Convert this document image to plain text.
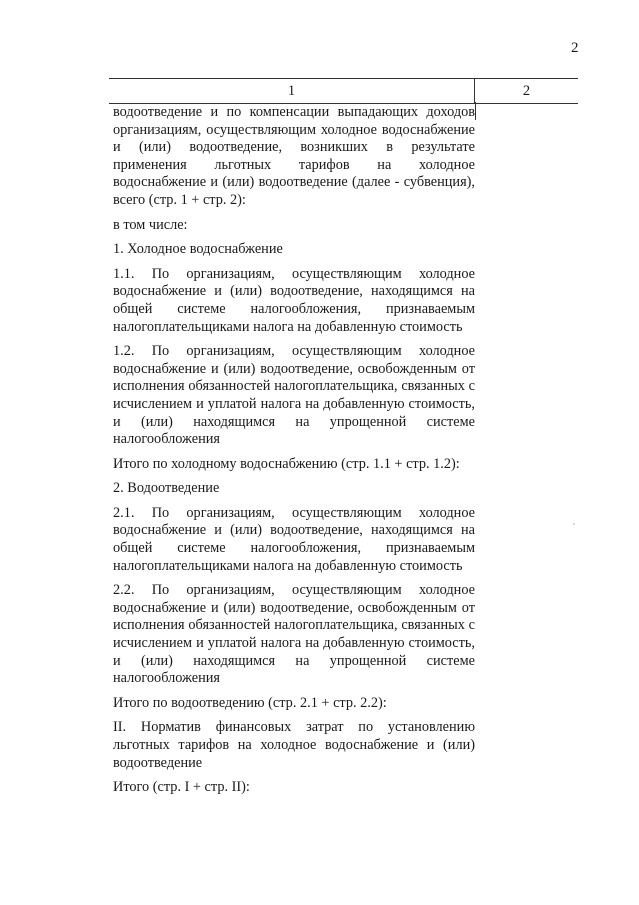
2
1	2

водоотведение и по компенсации выпадающих доходов организациям, осуществляющим холодное водоснабжение и (или) водоотведение, возникших в результате применения льготных тарифов на холодное водоснабжение и (или) водоотведение (далее - субвенция), всего (стр. 1 + стр. 2):

в том числе:

1. Холодное водоснабжение

1.1. По организациям, осуществляющим холодное водоснабжение и (или) водоотведение, находящимся на общей системе налогообложения, признаваемым налогоплательщиками налога на добавленную стоимость

1.2. По организациям, осуществляющим холодное водоснабжение и (или) водоотведение, освобожденным от исполнения обязанностей налогоплательщика, связанных с исчислением и уплатой налога на добавленную стоимость, и (или) находящимся на упрощенной системе налогообложения

Итого по холодному водоснабжению (стр. 1.1 + стр. 1.2):

2. Водоотведение

2.1. По организациям, осуществляющим холодное водоснабжение и (или) водоотведение, находящимся на общей системе налогообложения, признаваемым налогоплательщиками налога на добавленную стоимость

2.2. По организациям, осуществляющим холодное водоснабжение и (или) водоотведение, освобожденным от исполнения обязанностей налогоплательщика, связанных с исчислением и уплатой налога на добавленную стоимость, и (или) находящимся на упрощенной системе налогообложения

Итого по водоотведению (стр. 2.1 + стр. 2.2):

II. Норматив финансовых затрат по установлению льготных тарифов на холодное водоснабжение и (или) водоотведение

Итого (стр. I + стр. II):
